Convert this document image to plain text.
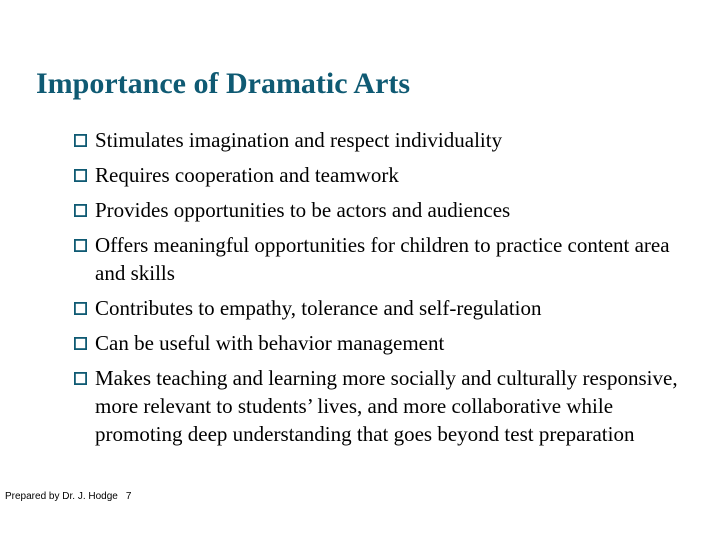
Importance of Dramatic Arts
Stimulates imagination and respect individuality
Requires cooperation and teamwork
Provides opportunities to be actors and audiences
Offers meaningful opportunities for children to practice content area and skills
Contributes to empathy, tolerance and self-regulation
Can be useful with behavior management
Makes teaching and learning more socially and culturally responsive, more relevant to students’ lives, and more collaborative while promoting deep understanding that goes beyond test preparation
Prepared by Dr. J. Hodge 7
